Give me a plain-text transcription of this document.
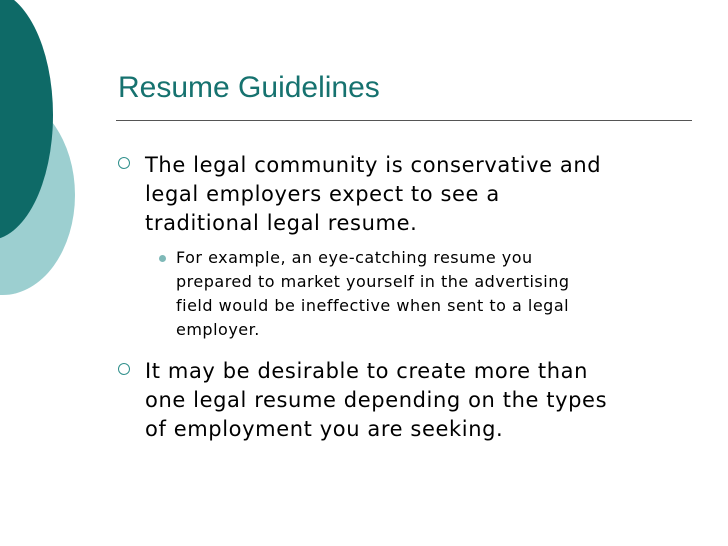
Resume Guidelines
The legal community is conservative and
legal employers expect to see a
traditional legal resume.
For example, an eye-catching resume you
prepared to market yourself in the advertising
field would be ineffective when sent to a legal
employer.
It may be desirable to create more than
one legal resume depending on the types
of employment you are seeking.
